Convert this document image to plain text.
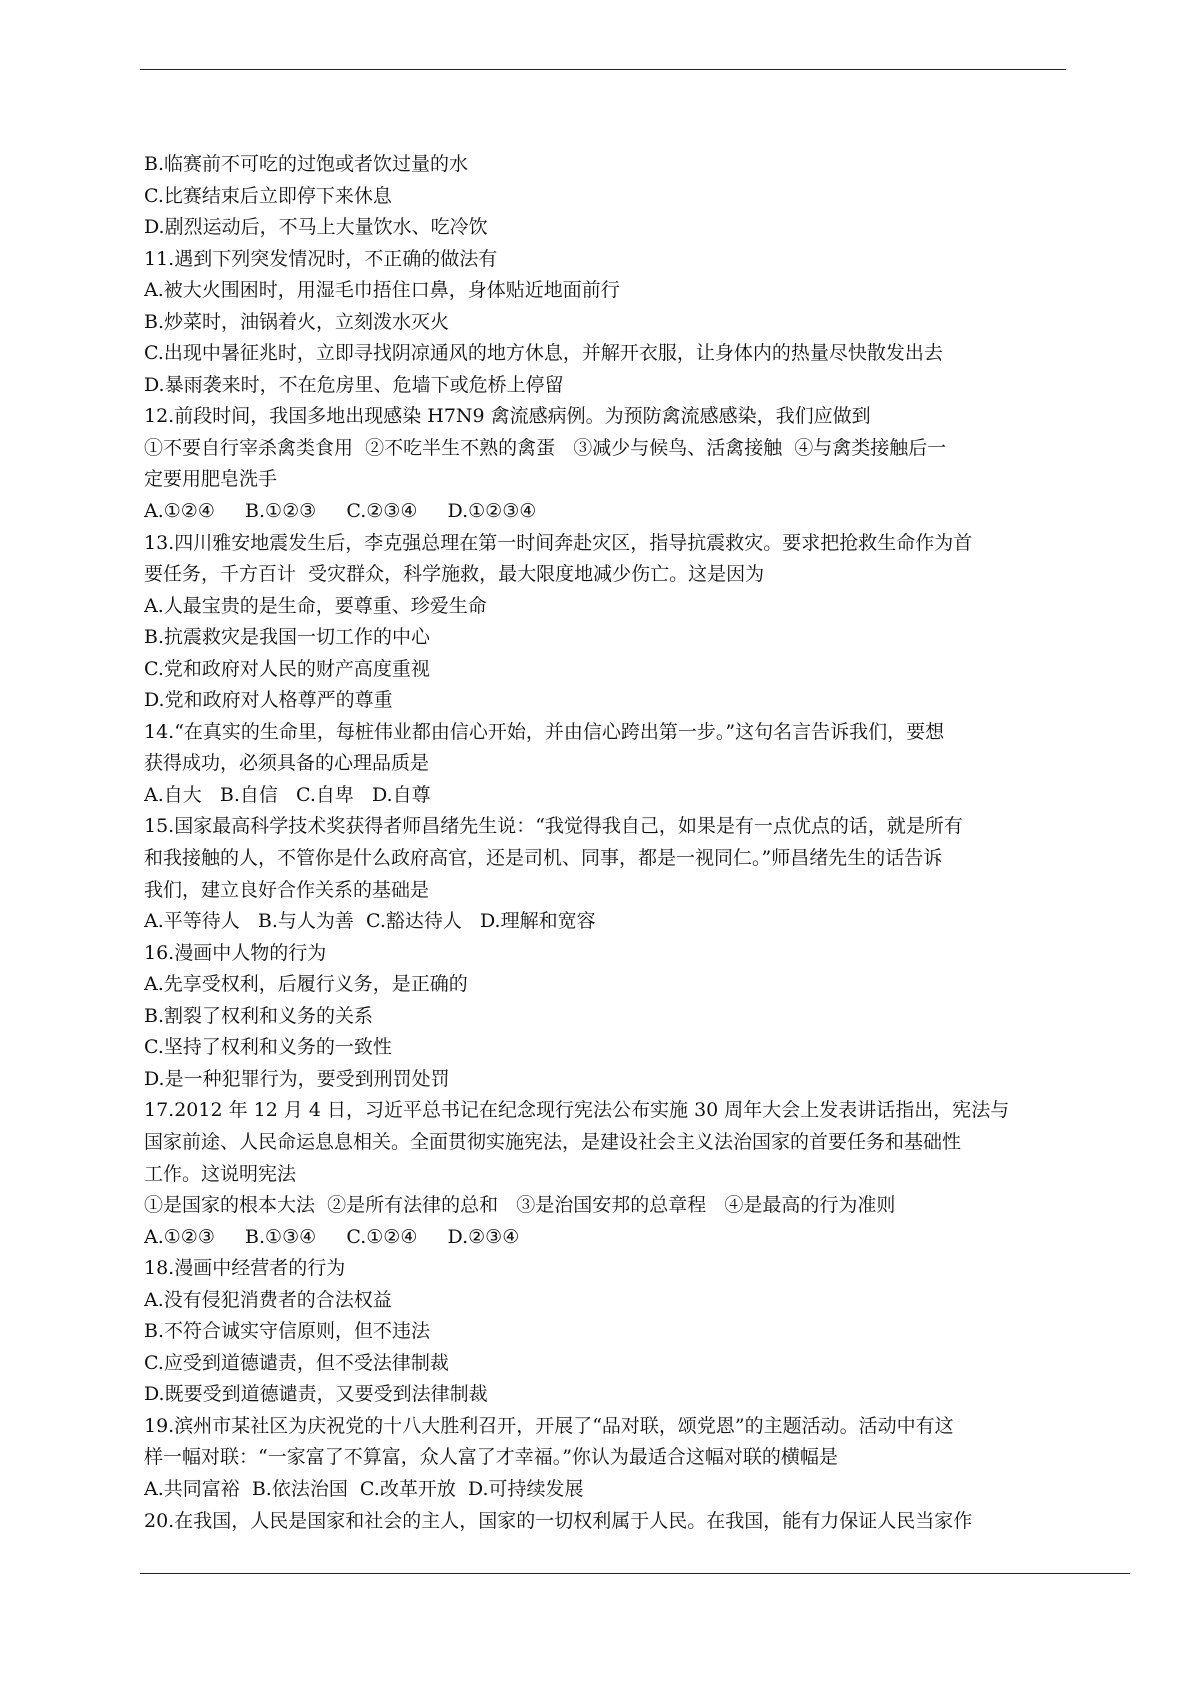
B.临赛前不可吃的过饱或者饮过量的水
C.比赛结束后立即停下来休息
D.剧烈运动后，不马上大量饮水、吃冷饮
11.遇到下列突发情况时，不正确的做法有
A.被大火围困时，用湿毛巾捂住口鼻，身体贴近地面前行
B.炒菜时，油锅着火，立刻泼水灭火
C.出现中暑征兆时，立即寻找阴凉通风的地方休息，并解开衣服，让身体内的热量尽快散发出去
D.暴雨袭来时，不在危房里、危墙下或危桥上停留
12.前段时间，我国多地出现感染 H7N9 禽流感病例。为预防禽流感感染，我们应做到
①不要自行宰杀禽类食用  ②不吃半生不熟的禽蛋   ③减少与候鸟、活禽接触  ④与禽类接触后一
定要用肥皂洗手
A.①②④     B.①②③     C.②③④     D.①②③④
13.四川雅安地震发生后，李克强总理在第一时间奔赴灾区，指导抗震救灾。要求把抢救生命作为首
要任务，千方百计  受灾群众，科学施救，最大限度地减少伤亡。这是因为
A.人最宝贵的是生命，要尊重、珍爱生命
B.抗震救灾是我国一切工作的中心
C.党和政府对人民的财产高度重视
D.党和政府对人格尊严的尊重
14.“在真实的生命里，每桩伟业都由信心开始，并由信心跨出第一步。”这句名言告诉我们，要想
获得成功，必须具备的心理品质是
A.自大   B.自信   C.自卑   D.自尊
15.国家最高科学技术奖获得者师昌绪先生说：“我觉得我自己，如果是有一点优点的话，就是所有
和我接触的人，不管你是什么政府高官，还是司机、同事，都是一视同仁。”师昌绪先生的话告诉
我们，建立良好合作关系的基础是
A.平等待人   B.与人为善  C.豁达待人   D.理解和宽容
16.漫画中人物的行为
A.先享受权利，后履行义务，是正确的
B.割裂了权利和义务的关系
C.坚持了权利和义务的一致性
D.是一种犯罪行为，要受到刑罚处罚
17.2012 年 12 月 4 日，习近平总书记在纪念现行宪法公布实施 30 周年大会上发表讲话指出，宪法与
国家前途、人民命运息息相关。全面贯彻实施宪法，是建设社会主义法治国家的首要任务和基础性
工作。这说明宪法
①是国家的根本大法  ②是所有法律的总和   ③是治国安邦的总章程   ④是最高的行为准则
A.①②③     B.①③④     C.①②④     D.②③④
18.漫画中经营者的行为
A.没有侵犯消费者的合法权益
B.不符合诚实守信原则，但不违法
C.应受到道德谴责，但不受法律制裁
D.既要受到道德谴责，又要受到法律制裁
19.滨州市某社区为庆祝党的十八大胜利召开，开展了“品对联，颂党恩”的主题活动。活动中有这
样一幅对联：“一家富了不算富，众人富了才幸福。”你认为最适合这幅对联的横幅是
A.共同富裕  B.依法治国  C.改革开放  D.可持续发展
20.在我国，人民是国家和社会的主人，国家的一切权利属于人民。在我国，能有力保证人民当家作
